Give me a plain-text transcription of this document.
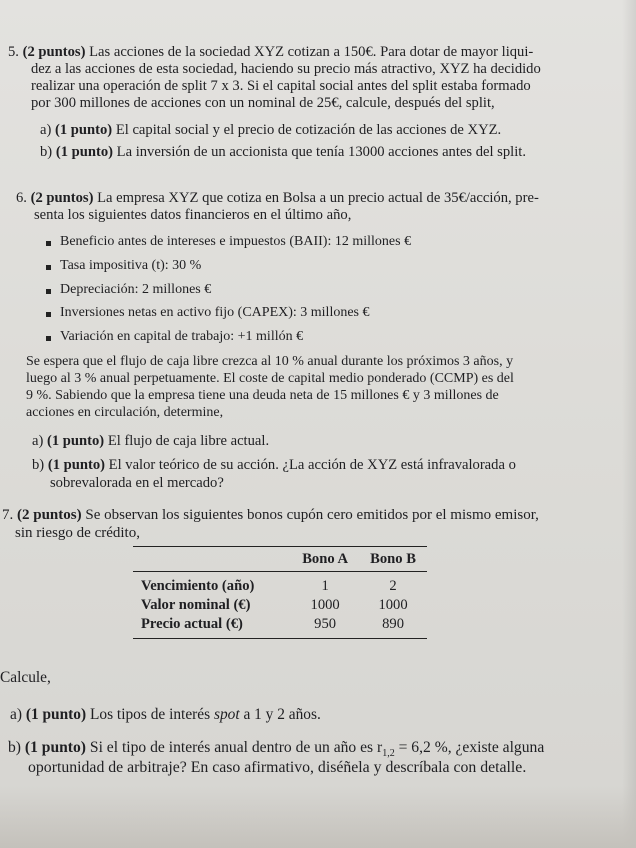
5. (2 puntos) Las acciones de la sociedad XYZ cotizan a 150€. Para dotar de mayor liqui-
dez a las acciones de esta sociedad, haciendo su precio más atractivo, XYZ ha decidido
realizar una operación de split 7 x 3. Si el capital social antes del split estaba formado
por 300 millones de acciones con un nominal de 25€, calcule, después del split,
a) (1 punto) El capital social y el precio de cotización de las acciones de XYZ.
b) (1 punto) La inversión de un accionista que tenía 13000 acciones antes del split.
6. (2 puntos) La empresa XYZ que cotiza en Bolsa a un precio actual de 35€/acción, pre-
senta los siguientes datos financieros en el último año,
Beneficio antes de intereses e impuestos (BAII): 12 millones €
Tasa impositiva (t): 30 %
Depreciación: 2 millones €
Inversiones netas en activo fijo (CAPEX): 3 millones €
Variación en capital de trabajo: +1 millón €
Se espera que el flujo de caja libre crezca al 10 % anual durante los próximos 3 años, y
luego al 3 % anual perpetuamente. El coste de capital medio ponderado (CCMP) es del
9 %. Sabiendo que la empresa tiene una deuda neta de 15 millones € y 3 millones de
acciones en circulación, determine,
a) (1 punto) El flujo de caja libre actual.
b) (1 punto) El valor teórico de su acción. ¿La acción de XYZ está infravalorada o
sobrevalorada en el mercado?
7. (2 puntos) Se observan los siguientes bonos cupón cero emitidos por el mismo emisor,
sin riesgo de crédito,
	Bono A	Bono B
Vencimiento (año)	1	2
Valor nominal (€)	1000	1000
Precio actual (€)	950	890
Calcule,
a) (1 punto) Los tipos de interés spot a 1 y 2 años.
b) (1 punto) Si el tipo de interés anual dentro de un año es $r_{1,2} = 6,2$ %, ¿existe alguna
oportunidad de arbitraje? En caso afirmativo, diséñela y descríbala con detalle.
